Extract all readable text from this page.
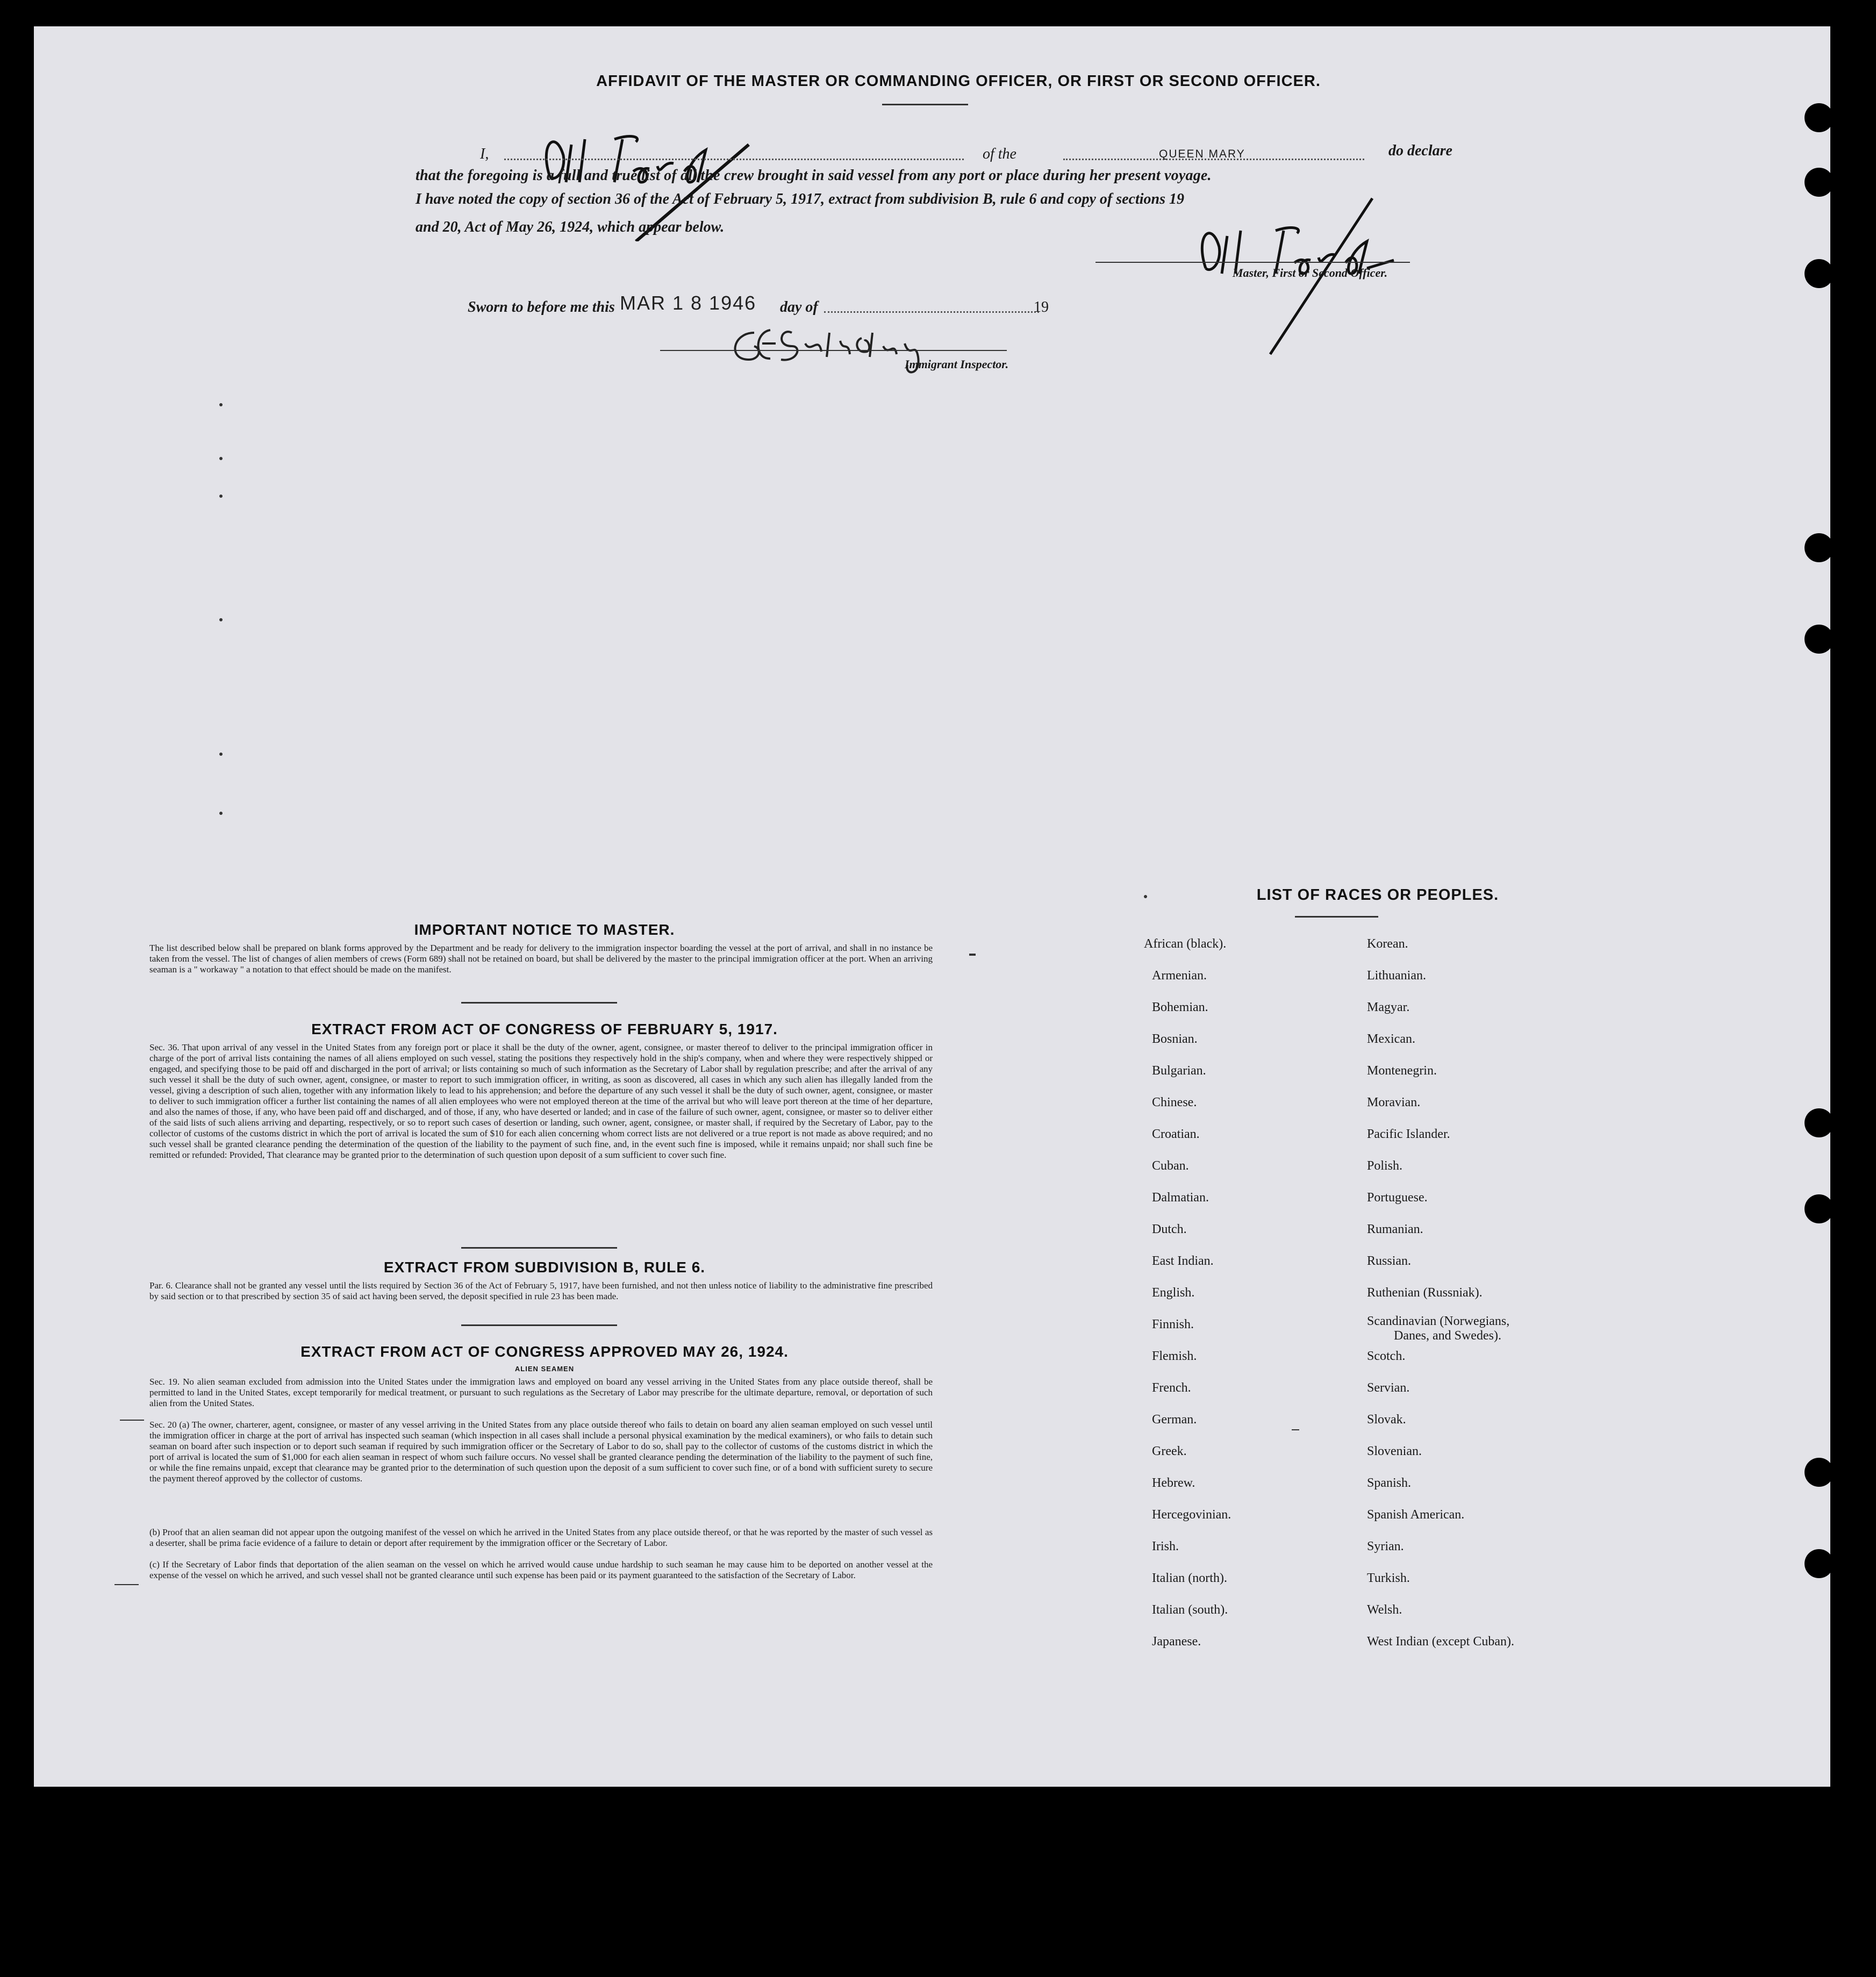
AFFIDAVIT OF THE MASTER OR COMMANDING OFFICER, OR FIRST OR SECOND OFFICER.
I,	of the	QUEEN MARY	do declare
that the foregoing is a full and true list of all the crew brought in said vessel from any port or place during her present voyage.
I have noted the copy of section 36 of the Act of February 5, 1917, extract from subdivision B, rule 6 and copy of sections 19
and 20, Act of May 26, 1924, which appear below.
Master, First or Second Officer.
Sworn to before me this MAR 1 8 1946 day of	19
Immigrant Inspector.
IMPORTANT NOTICE TO MASTER.
The list described below shall be prepared on blank forms approved by the Department and be ready for delivery to the immigration inspector boarding the vessel at the port of arrival, and shall in no instance be taken from the vessel. The list of changes of alien members of crews (Form 689) shall not be retained on board, but shall be delivered by the master to the principal immigration officer at the port. When an arriving seaman is a " workaway " a notation to that effect should be made on the manifest.
EXTRACT FROM ACT OF CONGRESS OF FEBRUARY 5, 1917.
Sec. 36. That upon arrival of any vessel in the United States from any foreign port or place it shall be the duty of the owner, agent, consignee, or master thereof to deliver to the principal immigration officer in charge of the port of arrival lists containing the names of all aliens employed on such vessel, stating the positions they respectively hold in the ship's company, when and where they were respectively shipped or engaged, and specifying those to be paid off and discharged in the port of arrival; or lists containing so much of such information as the Secretary of Labor shall by regulation prescribe; and after the arrival of any such vessel it shall be the duty of such owner, agent, consignee, or master to report to such immigration officer, in writing, as soon as discovered, all cases in which any such alien has illegally landed from the vessel, giving a description of such alien, together with any information likely to lead to his apprehension; and before the departure of any such vessel it shall be the duty of such owner, agent, consignee, or master to deliver to such immigration officer a further list containing the names of all alien employees who were not employed thereon at the time of the arrival but who will leave port thereon at the time of her departure, and also the names of those, if any, who have been paid off and discharged, and of those, if any, who have deserted or landed; and in case of the failure of such owner, agent, consignee, or master so to deliver either of the said lists of such aliens arriving and departing, respectively, or so to report such cases of desertion or landing, such owner, agent, consignee, or master shall, if required by the Secretary of Labor, pay to the collector of customs of the customs district in which the port of arrival is located the sum of $10 for each alien concerning whom correct lists are not delivered or a true report is not made as above required; and no such vessel shall be granted clearance pending the determination of the question of the liability to the payment of such fine, and, in the event such fine is imposed, while it remains unpaid; nor shall such fine be remitted or refunded: Provided, That clearance may be granted prior to the determination of such question upon deposit of a sum sufficient to cover such fine.
EXTRACT FROM SUBDIVISION B, RULE 6.
Par. 6. Clearance shall not be granted any vessel until the lists required by Section 36 of the Act of February 5, 1917, have been furnished, and not then unless notice of liability to the administrative fine prescribed by said section or to that prescribed by section 35 of said act having been served, the deposit specified in rule 23 has been made.
EXTRACT FROM ACT OF CONGRESS APPROVED MAY 26, 1924.
ALIEN SEAMEN
Sec. 19. No alien seaman excluded from admission into the United States under the immigration laws and employed on board any vessel arriving in the United States from any place outside thereof, shall be permitted to land in the United States, except temporarily for medical treatment, or pursuant to such regulations as the Secretary of Labor may prescribe for the ultimate departure, removal, or deportation of such alien from the United States.
Sec. 20 (a) The owner, charterer, agent, consignee, or master of any vessel arriving in the United States from any place outside thereof who fails to detain on board any alien seaman employed on such vessel until the immigration officer in charge at the port of arrival has inspected such seaman (which inspection in all cases shall include a personal physical examination by the medical examiners), or who fails to detain such seaman on board after such inspection or to deport such seaman if required by such immigration officer or the Secretary of Labor to do so, shall pay to the collector of customs of the customs district in which the port of arrival is located the sum of $1,000 for each alien seaman in respect of whom such failure occurs. No vessel shall be granted clearance pending the determination of the liability to the payment of such fine, or while the fine remains unpaid, except that clearance may be granted prior to the determination of such question upon the deposit of a sum sufficient to cover such fine, or of a bond with sufficient surety to secure the payment thereof approved by the collector of customs.
(b) Proof that an alien seaman did not appear upon the outgoing manifest of the vessel on which he arrived in the United States from any place outside thereof, or that he was reported by the master of such vessel as a deserter, shall be prima facie evidence of a failure to detain or deport after requirement by the immigration officer or the Secretary of Labor.
(c) If the Secretary of Labor finds that deportation of the alien seaman on the vessel on which he arrived would cause undue hardship to such seaman he may cause him to be deported on another vessel at the expense of the vessel on which he arrived, and such vessel shall not be granted clearance until such expense has been paid or its payment guaranteed to the satisfaction of the Secretary of Labor.
LIST OF RACES OR PEOPLES.
African (black).
Armenian.
Bohemian.
Bosnian.
Bulgarian.
Chinese.
Croatian.
Cuban.
Dalmatian.
Dutch.
East Indian.
English.
Finnish.
Flemish.
French.
German.
Greek.
Hebrew.
Hercegovinian.
Irish.
Italian (north).
Italian (south).
Japanese.
Korean.
Lithuanian.
Magyar.
Mexican.
Montenegrin.
Moravian.
Pacific Islander.
Polish.
Portuguese.
Rumanian.
Russian.
Ruthenian (Russniak).
Scandinavian (Norwegians,
Danes, and Swedes).
Scotch.
Servian.
Slovak.
Slovenian.
Spanish.
Spanish American.
Syrian.
Turkish.
Welsh.
West Indian (except Cuban).
